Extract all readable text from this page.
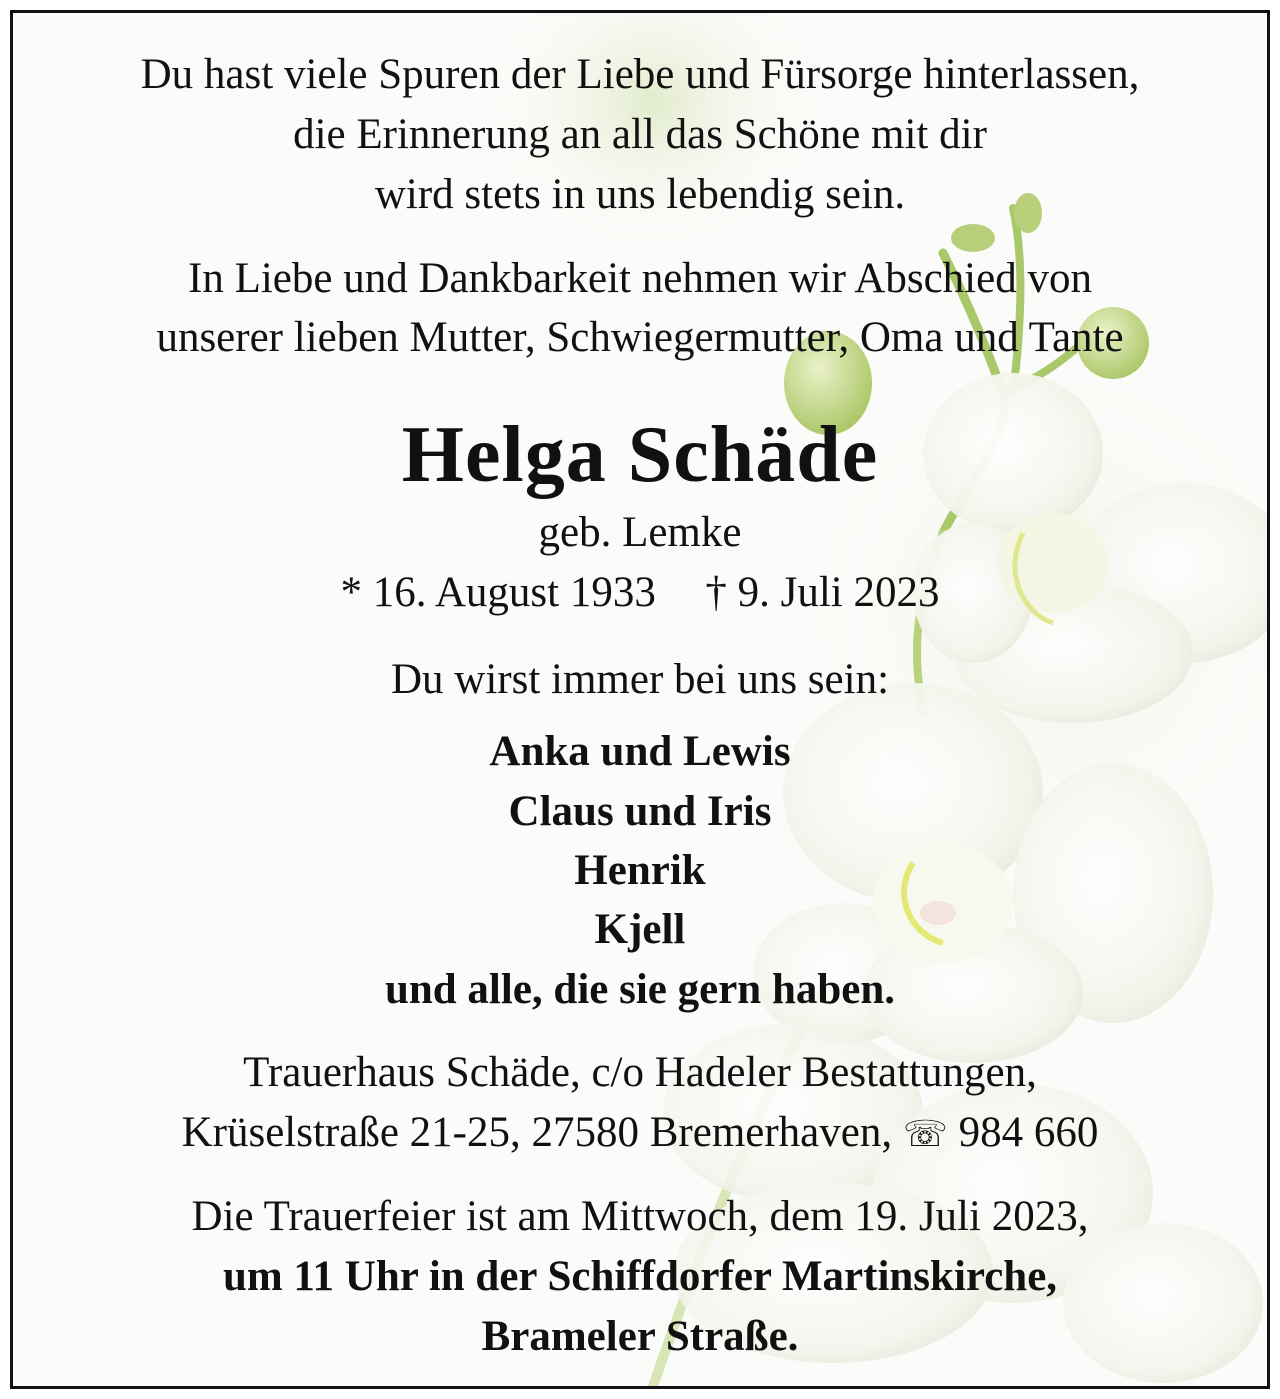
Du hast viele Spuren der Liebe und Fürsorge hinterlassen,
die Erinnerung an all das Schöne mit dir
wird stets in uns lebendig sein.
In Liebe und Dankbarkeit nehmen wir Abschied von
unserer lieben Mutter, Schwiegermutter, Oma und Tante
Helga Schäde
geb. Lemke
* 16. August 1933 † 9. Juli 2023
Du wirst immer bei uns sein:
Anka und Lewis
Claus und Iris
Henrik
Kjell
und alle, die sie gern haben.
Trauerhaus Schäde, c/o Hadeler Bestattungen,
Krüselstraße 21-25, 27580 Bremerhaven, ☏ 984 660
Die Trauerfeier ist am Mittwoch, dem 19. Juli 2023,
um 11 Uhr in der Schiffdorfer Martinskirche,
Brameler Straße.
